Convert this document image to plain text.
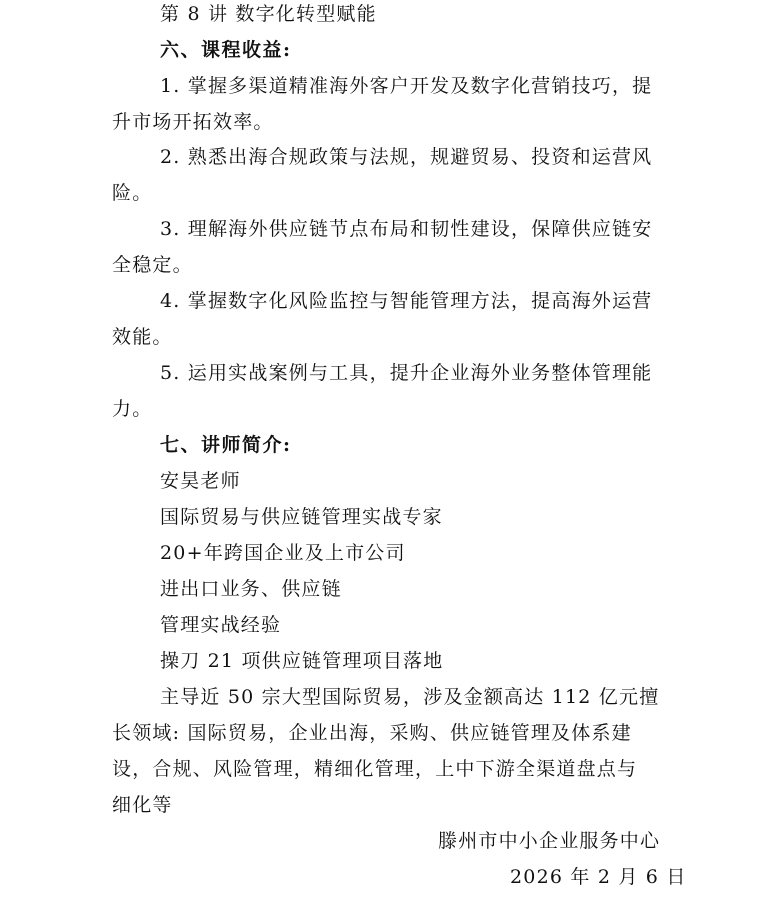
第 8 讲 数字化转型赋能
六、课程收益:
1. 掌握多渠道精准海外客户开发及数字化营销技巧，提
升市场开拓效率。
2. 熟悉出海合规政策与法规，规避贸易、投资和运营风
险。
3. 理解海外供应链节点布局和韧性建设，保障供应链安
全稳定。
4. 掌握数字化风险监控与智能管理方法，提高海外运营
效能。
5. 运用实战案例与工具，提升企业海外业务整体管理能
力。
七、讲师简介:
安昊老师
国际贸易与供应链管理实战专家
20+年跨国企业及上市公司
进出口业务、供应链
管理实战经验
操刀 21 项供应链管理项目落地
主导近 50 宗大型国际贸易，涉及金额高达 112 亿元擅
长领域: 国际贸易，企业出海，采购、供应链管理及体系建
设，合规、风险管理，精细化管理，上中下游全渠道盘点与
细化等
滕州市中小企业服务中心
2026 年 2 月 6 日
